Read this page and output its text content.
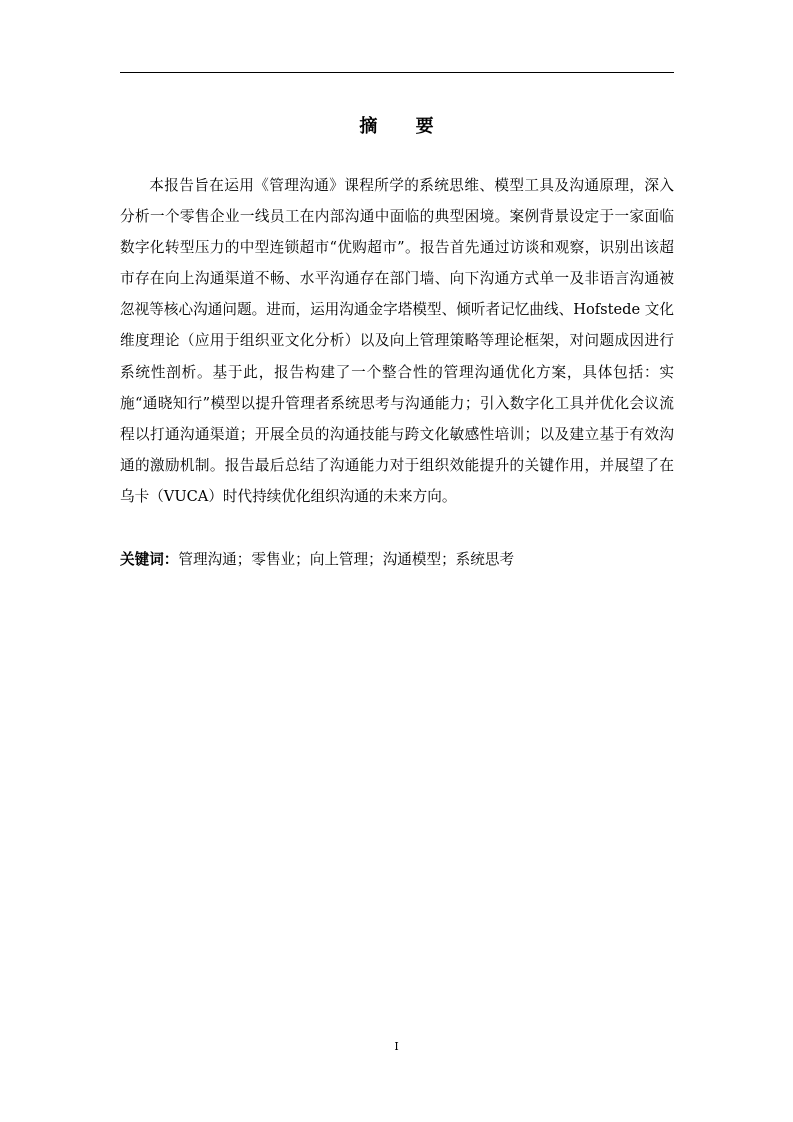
摘 要

本报告旨在运用《管理沟通》课程所学的系统思维、模型工具及沟通原理，深入分析一个零售企业一线员工在内部沟通中面临的典型困境。案例背景设定于一家面临数字化转型压力的中型连锁超市“优购超市”。报告首先通过访谈和观察，识别出该超市存在向上沟通渠道不畅、水平沟通存在部门墙、向下沟通方式单一及非语言沟通被忽视等核心沟通问题。进而，运用沟通金字塔模型、倾听者记忆曲线、Hofstede 文化维度理论（应用于组织亚文化分析）以及向上管理策略等理论框架，对问题成因进行系统性剖析。基于此，报告构建了一个整合性的管理沟通优化方案，具体包括：实施“通晓知行”模型以提升管理者系统思考与沟通能力；引入数字化工具并优化会议流程以打通沟通渠道；开展全员的沟通技能与跨文化敏感性培训；以及建立基于有效沟通的激励机制。报告最后总结了沟通能力对于组织效能提升的关键作用，并展望了在乌卡（VUCA）时代持续优化组织沟通的未来方向。

关键词：管理沟通；零售业；向上管理；沟通模型；系统思考
I
